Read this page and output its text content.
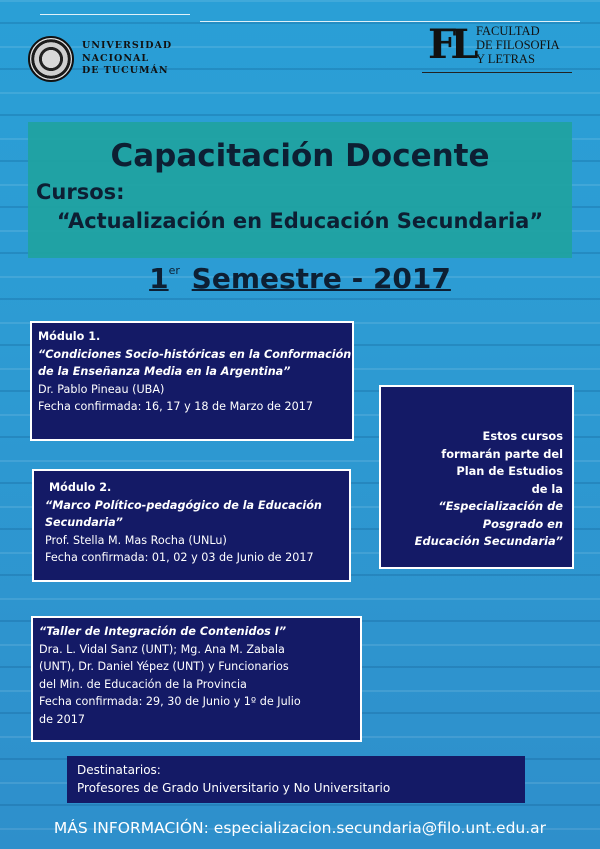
UNIVERSIDAD
NACIONAL
DE TUCUMÁN
FL FACULTAD
DE FILOSOFIA
Y LETRAS
Capacitación Docente
Cursos:
“Actualización en Educación Secundaria”
1er Semestre - 2017
Módulo 1.
“Condiciones Socio-históricas en la Conformación
de la Enseñanza Media en la Argentina”
Dr. Pablo Pineau (UBA)
Fecha confirmada: 16, 17 y 18 de Marzo de 2017
Módulo 2.
“Marco Político-pedagógico de la Educación
Secundaria”
Prof. Stella M. Mas Rocha (UNLu)
Fecha confirmada: 01, 02 y 03 de Junio de 2017
“Taller de Integración de Contenidos I”
Dra. L. Vidal Sanz (UNT); Mg. Ana M. Zabala
(UNT), Dr. Daniel Yépez (UNT) y Funcionarios
del Min. de Educación de la Provincia
Fecha confirmada: 29, 30 de Junio y 1º de Julio
de 2017
Estos cursos
formarán parte del
Plan de Estudios
de la
“Especialización de
Posgrado en
Educación Secundaria”
Destinatarios:
Profesores de Grado Universitario y No Universitario
MÁS INFORMACIÓN: especializacion.secundaria@filo.unt.edu.ar
